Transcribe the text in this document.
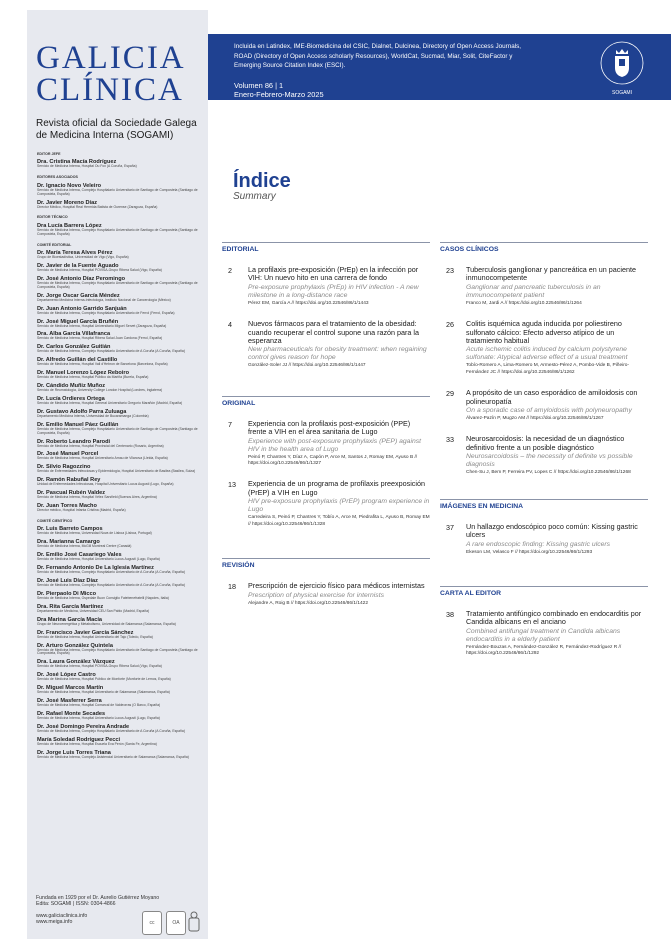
GALICIA
CLÍNICA
Revista oficial da Sociedade Galega de Medicina Interna (SOGAMI)
EDITOR JEFE
Dra. Cristina Macía Rodríguez
Servicio de Medicina Interna, Hospital Ou Fox (A Coruña, España)
EDITORES ASOCIADOS
Dr. Ignacio Novo Veleiro
Servicio de Medicina Interna, Complejo Hospitalario Universitario de Santiago de Compostela (Santiago de Compostela, España)
Dr. Javier Moreno Díaz
Director Médico, Hospital Real Hermida Batista de Ourense (Zaragoza, España)
EDITOR TÉCNICO
Dra Lucía Barrera López
Servicio de Medicina Interna, Complejo Hospitalario Universitario de Santiago de Compostela (Santiago de Compostela, España)
COMITÉ EDITORIAL
Dr. María Teresa Alves Pérez
Grupo de Bioestadística, Universidad de Vigo (Vigo, España)
Dr. Javier de la Fuente Aguado
Servicio de Medicina Interna, Hospital POVISA-Grupo Ribera Salud (Vigo, España)
Dr. José Antonio Díaz Peromingo
Servicio de Medicina Interna, Complejo Hospitalario Universitario de Santiago de Compostela (Santiago de Compostela, España)
Dr. Jorge Óscar García Méndez
Departamento Medicina Interna-Infectología, Instituto Nacional de Cancerología (México)
Dr. Juan Antonio Garrido Sanjuán
Servicio de Medicina Interna, Complejo Hospitalario Universitario de Ferrol (Ferrol, España)
Dr. José Miguel García Bruñén
Servicio de Medicina Interna, Hospital Universitario Miguel Servet (Zaragoza, España)
Dra. Alba García Villafranca
Servicio de Medicina Interna, Hospital Ribera Salud Juan Cardona (Ferrol, España)
Dr. Carlos González Guitián
Servicio de Medicina Interna, Complejo Hospitalario Universitario de A Coruña (A Coruña, España)
Dr. Alfredo Guillán del Castillo
Servicio de Medicina Interna, Hospital Vall d'Hebron de Barcelona (Barcelona, España)
Dr. Manuel Lorenzo López Reboiro
Servicio de Medicina Interna, Hospital Público da Mariña (Burela, España)
Dr. Cándido Muñiz Muñoz
Servicio de Reumatología, University College London Hospital (Londres, Inglaterra)
Dr. Lucía Ordieres Ortega
Servicio de Medicina Interna, Hospital General Universitario Gregorio Marañón (Madrid, España)
Dr. Gustavo Adolfo Parra Zuluaga
Departamento Medicina Interna, Universidad de Bucaramanga (Colombia)
Dr. Emilio Manuel Páez Guillán
Servicio de Medicina Interna, Complejo Hospitalario Universitario de Santiago de Compostela (Santiago de Compostela, España)
Dr. Roberto Leandro Parodi
Servicio de Medicina Interna, Hospital Provincial del Centenario (Rosario, Argentina)
Dr. José Manuel Porcel
Servicio de Medicina Interna, Hospital Universitario Arnau de Vilanova (Lleida, España)
Dr. Silvio Ragozzino
Servicio de Enfermedades Infecciosas y Epidemiología, Hospital Universitario de Basilea (Basilea, Suiza)
Dr. Ramón Rabuñal Rey
Unidad de Enfermedades Infecciosas, Hospital Universitario Lucus Augusti (Lugo, España)
Dr. Pascual Rubén Valdez
Servicio de Medicina Interna, Hospital Vélez Sarsfield (Buenos Aires, Argentina)
Dr. Juan Torres Macho
Director médico, Hospital Infanta Cristina (Madrid, España)
COMITÉ CIENTÍFICO
Dr. Luis Barreto Campos
Servicio de Medicina Interna, Universidad Nova de Lisboa (Lisboa, Portugal)
Dra. Marianna Camargo
Servicio de Medicina Interna, McGill Montreal Centre (Canadá)
Dr. Emilio José Casariego Vales
Servicio de Medicina Interna, Hospital Universitario Lucus Augusti (Lugo, España)
Dr. Fernando Antonio De La Iglesia Martínez
Servicio de Medicina Interna, Complejo Hospitalario Universitario de A Coruña (A Coruña, España)
Dr. José Luis Díaz Díaz
Servicio de Medicina Interna, Complejo Hospitalario Universitario de A Coruña (A Coruña, España)
Dr. Pierpaolo Di Micco
Servicio de Medicina Interna, Ospedale Buon Consiglio Fatebenefratelli (Napoles, Italia)
Dra. Rita García Martínez
Departamento de Medicina, Universidad CEU San Pablo (Madrid, España)
Dra Marina García Macía
Grupo de Neuroenergética y Metabolismo, Universidad de Salamanca (Salamanca, España)
Dr. Francisco Javier García Sánchez
Servicio de Medicina Interna, Hospital Universitario del Tajo (Toledo, España)
Dr. Arturo González Quintela
Servicio de Medicina Interna, Complejo Hospitalario Universitario de Santiago de Compostela (Santiago de Compostela, España)
Dra. Laura González Vázquez
Servicio de Medicina Interna, Hospital POVISA-Grupo Ribera Salud (Vigo, España)
Dr. José López Castro
Servicio de Medicina Interna, Hospital Público de Monforte (Monforte de Lemos, España)
Dr. Miguel Marcos Martín
Servicio de Medicina Interna, Hospital Universitario de Salamanca (Salamanca, España)
Dr. José Masferrer Serra
Servicio de Medicina Interna, Hospital Comarcal de Valdeorras (O Barco, España)
Dr. Rafael Monte Secades
Servicio de Medicina Interna, Hospital Universitario Lucus Augusti (Lugo, España)
Dr. José Domingo Pereira Andrade
Servicio de Medicina Interna, Complejo Hospitalario Universitario de A Coruña (A Coruña, España)
María Soledad Rodríguez Pecci
Servicio de Medicina Interna, Hospital Escuela Eva Perón (Santa Fe, Argentina)
Dr. Jorge Luis Torres Triana
Servicio de Medicina Interna, Complejo Asistencial Universitario de Salamanca (Salamanca, España)
Fundada en 1929 por el Dr. Aurelio Gutiérrez Moyano
Edita: SOGAMI | ISSN: 0304-4866
www.galiciaclinica.info
www.meiga.info	cc	OA
Incluida en Latindex, IME-Biomedicina del CSIC, Dialnet, Dulcinea, Directory of Open Access Journals, ROAD (Directory of Open Access scholarly Resources), WorldCat, Sucmad, Miar, Solit, CiteFactor y Emerging Source Citation Index (ESCI).
Volumen 86 | 1
Enero-Febrero-Marzo 2025	SOGAMI
Índice
Summary
EDITORIAL
2 La profilaxis pre-exposición (PrEp) en la infección por VIH: Un nuevo hito en una carrera de fondo
Pre-exposure prophylaxis (PrEp) in HIV infection - A new milestone in a long-distance race
Pérez EM, García A // https://doi.org/10.22546/86/1/1443
4 Nuevos fármacos para el tratamiento de la obesidad: cuando recuperar el control supone una razón para la esperanza
New pharmaceuticals for obesity treatment: when regaining control gives reason for hope
González-Soler JJ // https://doi.org/10.22546/86/1/1447
ORIGINAL
7 Experiencia con la profilaxis post-exposición (PPE) frente a VIH en el área sanitaria de Lugo
Experience with post-exposure prophylaxis (PEP) against HIV in the health area of Lugo
Peinó P, Chantres Y, Díaz A, Capón P, Arce M, Santos J, Romay EM, Ayuso B // https://doi.org/10.22546/86/1/1327
13 Experiencia de un programa de profilaxis preexposición (PrEP) a VIH en Lugo
HIV pre-exposure prophylaxis (PrEP) program experience in Lugo
Carredeira S, Peinó P, Chantres Y, Tobío A, Arce M, Piedrafita L, Ayuso B, Romay EM // https://doi.org/10.22546/86/1/1328
REVISIÓN
18 Prescripción de ejercicio físico para médicos internistas
Prescription of physical exercise for internists
Alejandre A, Roig B // https://doi.org/10.22546/86/1/1422
CASOS CLÍNICOS
23 Tuberculosis ganglionar y pancreática en un paciente inmunocompetente
Ganglionar and pancreatic tuberculosis in an immunocompetent patient
Franco M, Jardi A // https://doi.org/10.22546/86/1/1264
26 Colitis isquémica aguda inducida por poliestireno sulfonato cálcico: Efecto adverso atípico de un tratamiento habitual
Acute ischemic colitis induced by calcium polystyrene sulfonate: Atypical adverse effect of a usual treatment
Tobío-Romero A, Lima-Romero M, Armesto-Pérez A, Pombo-Vide B, Piñeiro-Fernández JC // https://doi.org/10.22546/86/1/1262
29 A propósito de un caso esporádico de amiloidosis con polineuropatía
On a sporadic case of amyloidosis with polyneuropathy
Álvarez-Pazín P, Mugzo AM // https://doi.org/10.22546/86/1/1267
33 Neurosarcoidosis: la necesidad de un diagnóstico definitivo frente a un posible diagnóstico
Neurosarcoidosis – the necessity of definite vs possible diagnosis
Chen-Su J, Bem P, Ferreira PV, Lopes C // https://doi.org/10.22546/86/1/1268
IMÁGENES EN MEDICINA
37 Un hallazgo endoscópico poco común: Kissing gastric ulcers
A rare endoscopic finding: Kissing gastric ulcers
Ekeson LM, Velasco F // https://doi.org/10.22546/86/1/1293
CARTA AL EDITOR
38 Tratamiento antifúngico combinado en endocarditis por Candida albicans en el anciano
Combined antifungal treatment in Candida albicans endocarditis in a elderly patient
Fernández-Bouzas A, Fernández-González R, Fernández-Rodríguez R // https://doi.org/10.22546/86/1/1292
